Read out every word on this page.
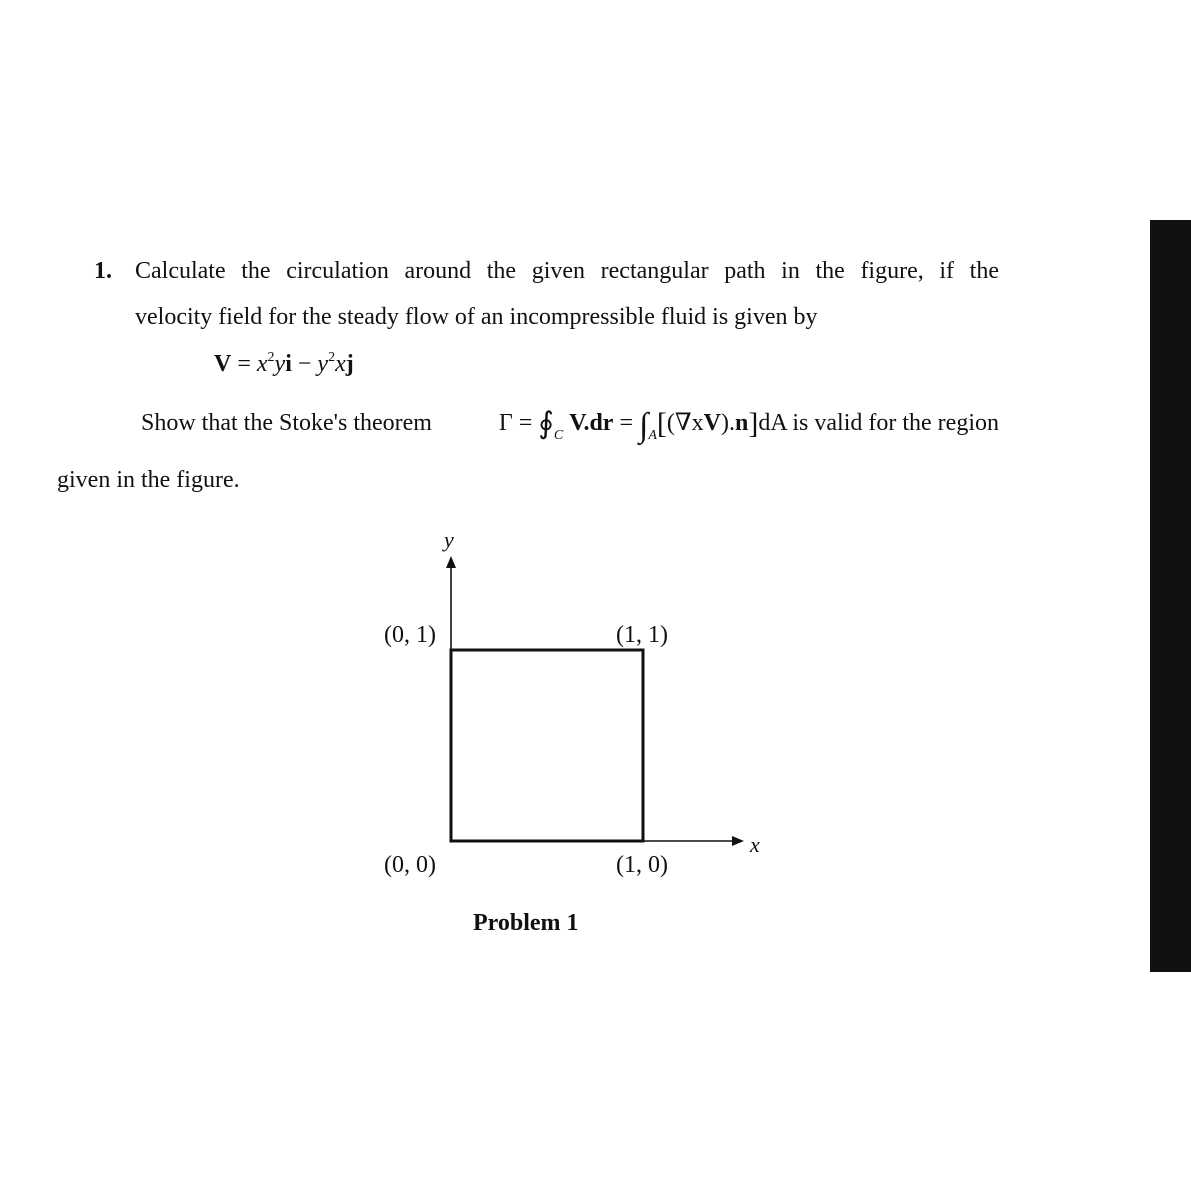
1. Calculate the circulation around the given rectangular path in the figure, if the
velocity field for the steady flow of an incompressible fluid is given by
$V = x^2yi - y^2xj$
Show that the Stoke's theorem	$\Gamma = ∮_C$ $V.dr = \int_A[(\nabla xV).n]dA$ is valid for the region
given in the figure.
y
x
(0, 1)	(1, 1)
(0, 0)	(1, 0)
Problem 1
